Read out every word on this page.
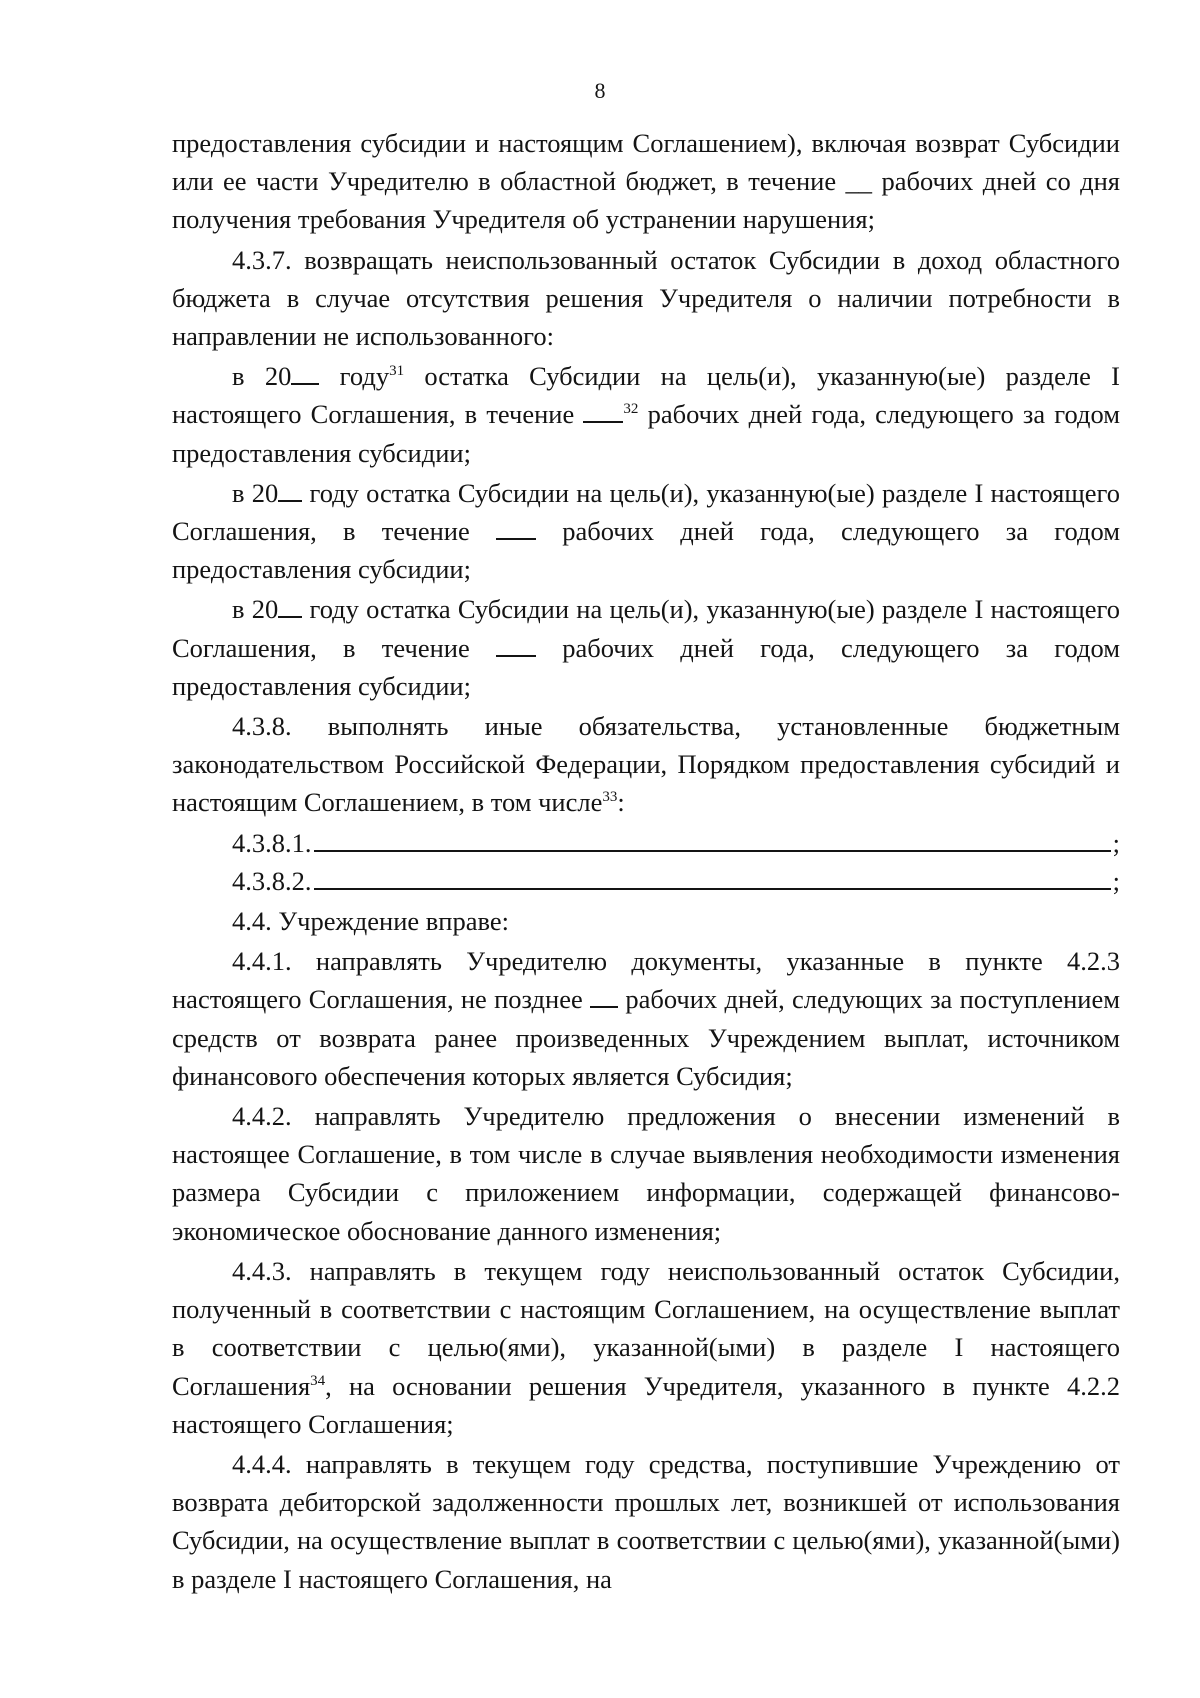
8

предоставления субсидии и настоящим Соглашением), включая возврат Субсидии или ее части Учредителю в областной бюджет, в течение __ рабочих дней со дня получения требования Учредителя об устранении нарушения;

4.3.7. возвращать неиспользованный остаток Субсидии в доход областного бюджета в случае отсутствия решения Учредителя о наличии потребности в направлении не использованного:

в 20 году$^{31}$ остатка Субсидии на цель(и), указанную(ые) разделе I настоящего Соглашения, в течение	$^{32}$ рабочих дней года, следующего за годом предоставления субсидии;

в 20 году остатка Субсидии на цель(и), указанную(ые) разделе I настоящего Соглашения, в течение  рабочих дней года, следующего за годом предоставления субсидии;

в 20 году остатка Субсидии на цель(и), указанную(ые) разделе I настоящего Соглашения, в течение  рабочих дней года, следующего за годом предоставления субсидии;

4.3.8. выполнять иные обязательства, установленные бюджетным законодательством Российской Федерации, Порядком предоставления субсидий и настоящим Соглашением, в том числе$^{33}$:

4.3.8.1.	;
4.3.8.2.	;

4.4. Учреждение вправе:

4.4.1. направлять Учредителю документы, указанные в пункте 4.2.3 настоящего Соглашения, не позднее  рабочих дней, следующих за поступлением средств от возврата ранее произведенных Учреждением выплат, источником финансового обеспечения которых является Субсидия;

4.4.2. направлять Учредителю предложения о внесении изменений в настоящее Соглашение, в том числе в случае выявления необходимости изменения размера Субсидии с приложением информации, содержащей финансово-экономическое обоснование данного изменения;

4.4.3. направлять в текущем году неиспользованный остаток Субсидии, полученный в соответствии с настоящим Соглашением, на осуществление выплат в соответствии с целью(ями), указанной(ыми) в разделе I настоящего Соглашения$^{34}$, на основании решения Учредителя, указанного в пункте 4.2.2 настоящего Соглашения;

4.4.4. направлять в текущем году средства, поступившие Учреждению от возврата дебиторской задолженности прошлых лет, возникшей от использования Субсидии, на осуществление выплат в соответствии с целью(ями), указанной(ыми) в разделе I настоящего Соглашения, на
